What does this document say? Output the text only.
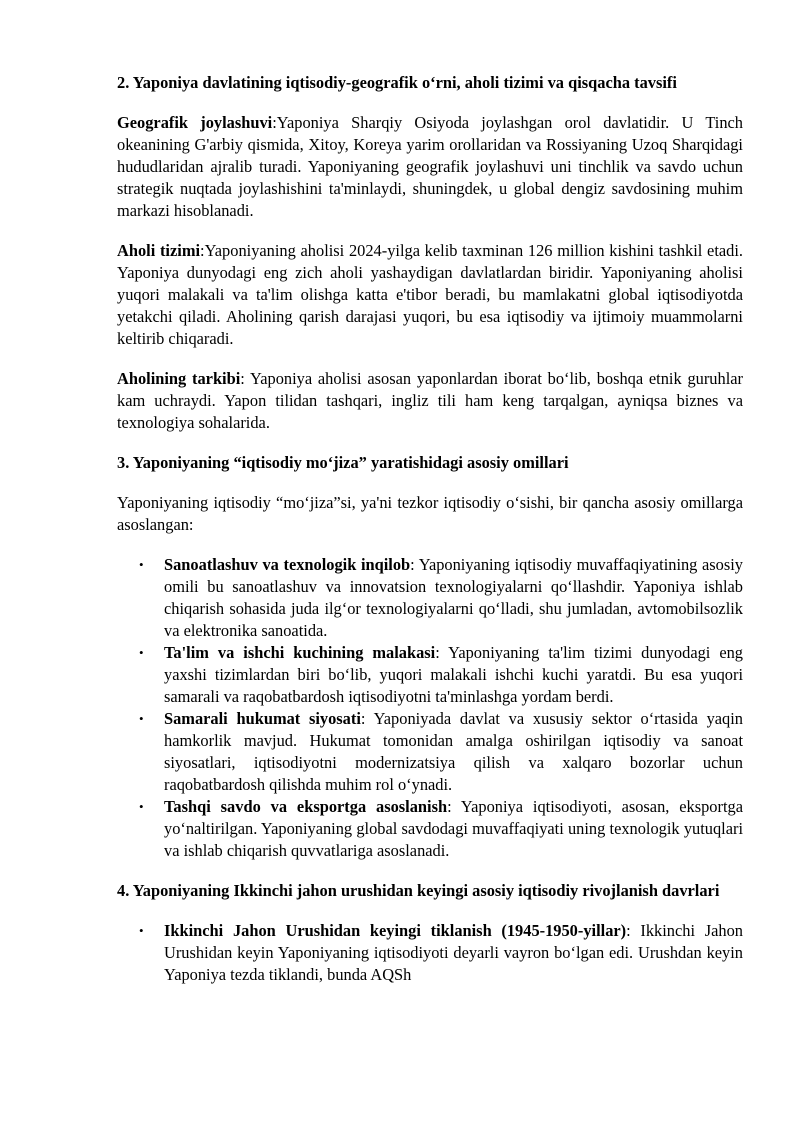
2. Yaponiya davlatining iqtisodiy-geografik oʻrni, aholi tizimi va qisqacha tavsifi

Geografik joylashuvi:Yaponiya Sharqiy Osiyoda joylashgan orol davlatidir. U Tinch okeanining G'arbiy qismida, Xitoy, Koreya yarim orollaridan va Rossiyaning Uzoq Sharqidagi hududlaridan ajralib turadi. Yaponiyaning geografik joylashuvi uni tinchlik va savdo uchun strategik nuqtada joylashishini ta'minlaydi, shuningdek, u global dengiz savdosining muhim markazi hisoblanadi.

Aholi tizimi:Yaponiyaning aholisi 2024-yilga kelib taxminan 126 million kishini tashkil etadi. Yaponiya dunyodagi eng zich aholi yashaydigan davlatlardan biridir. Yaponiyaning aholisi yuqori malakali va ta'lim olishga katta e'tibor beradi, bu mamlakatni global iqtisodiyotda yetakchi qiladi. Aholining qarish darajasi yuqori, bu esa iqtisodiy va ijtimoiy muammolarni keltirib chiqaradi.

Aholining tarkibi: Yaponiya aholisi asosan yaponlardan iborat boʻlib, boshqa etnik guruhlar kam uchraydi. Yapon tilidan tashqari, ingliz tili ham keng tarqalgan, ayniqsa biznes va texnologiya sohalarida.

3. Yaponiyaning “iqtisodiy moʻjiza” yaratishidagi asosiy omillari

Yaponiyaning iqtisodiy “moʻjiza”si, ya'ni tezkor iqtisodiy oʻsishi, bir qancha asosiy omillarga asoslangan:

• Sanoatlashuv va texnologik inqilob: Yaponiyaning iqtisodiy muvaffaqiyatining asosiy omili bu sanoatlashuv va innovatsion texnologiyalarni qoʻllashdir. Yaponiya ishlab chiqarish sohasida juda ilgʻor texnologiyalarni qoʻlladi, shu jumladan, avtomobilsozlik va elektronika sanoatida.
• Ta'lim va ishchi kuchining malakasi: Yaponiyaning ta'lim tizimi dunyodagi eng yaxshi tizimlardan biri boʻlib, yuqori malakali ishchi kuchi yaratdi. Bu esa yuqori samarali va raqobatbardosh iqtisodiyotni ta'minlashga yordam berdi.
• Samarali hukumat siyosati: Yaponiyada davlat va xususiy sektor oʻrtasida yaqin hamkorlik mavjud. Hukumat tomonidan amalga oshirilgan iqtisodiy va sanoat siyosatlari, iqtisodiyotni modernizatsiya qilish va xalqaro bozorlar uchun raqobatbardosh qilishda muhim rol oʻynadi.
• Tashqi savdo va eksportga asoslanish: Yaponiya iqtisodiyoti, asosan, eksportga yoʻnaltirilgan. Yaponiyaning global savdodagi muvaffaqiyati uning texnologik yutuqlari va ishlab chiqarish quvvatlariga asoslanadi.
4. Yaponiyaning Ikkinchi jahon urushidan keyingi asosiy iqtisodiy rivojlanish davrlari
• Ikkinchi Jahon Urushidan keyingi tiklanish (1945-1950-yillar): Ikkinchi Jahon Urushidan keyin Yaponiyaning iqtisodiyoti deyarli vayron boʻlgan edi. Urushdan keyin Yaponiya tezda tiklandi, bunda AQSh
